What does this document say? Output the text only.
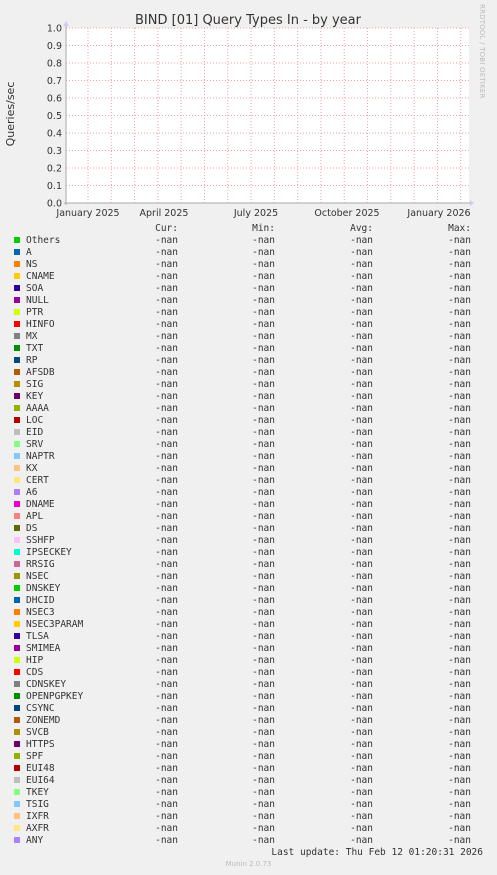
BIND [01] Query Types In - by year
Queries/sec
0.0
0.1
0.2
0.3
0.4
0.5
0.6
0.7
0.8
0.9
1.0
January 2025 April 2025	July 2025	October 2025	January 2026
RRDTOOL / TOBI OETIKER
Cur:	Min:	Avg:	Max:
Others	-nan	-nan	-nan	-nan
A	-nan	-nan	-nan	-nan
NS	-nan	-nan	-nan	-nan
CNAME	-nan	-nan	-nan	-nan
SOA	-nan	-nan	-nan	-nan
NULL	-nan	-nan	-nan	-nan
PTR	-nan	-nan	-nan	-nan
HINFO	-nan	-nan	-nan	-nan
MX	-nan	-nan	-nan	-nan
TXT	-nan	-nan	-nan	-nan
RP	-nan	-nan	-nan	-nan
AFSDB	-nan	-nan	-nan	-nan
SIG	-nan	-nan	-nan	-nan
KEY	-nan	-nan	-nan	-nan
AAAA	-nan	-nan	-nan	-nan
LOC	-nan	-nan	-nan	-nan
EID	-nan	-nan	-nan	-nan
SRV	-nan	-nan	-nan	-nan
NAPTR	-nan	-nan	-nan	-nan
KX	-nan	-nan	-nan	-nan
CERT	-nan	-nan	-nan	-nan
A6	-nan	-nan	-nan	-nan
DNAME	-nan	-nan	-nan	-nan
APL	-nan	-nan	-nan	-nan
DS	-nan	-nan	-nan	-nan
SSHFP	-nan	-nan	-nan	-nan
IPSECKEY	-nan	-nan	-nan	-nan
RRSIG	-nan	-nan	-nan	-nan
NSEC	-nan	-nan	-nan	-nan
DNSKEY	-nan	-nan	-nan	-nan
DHCID	-nan	-nan	-nan	-nan
NSEC3	-nan	-nan	-nan	-nan
NSEC3PARAM	-nan	-nan	-nan	-nan
TLSA	-nan	-nan	-nan	-nan
SMIMEA	-nan	-nan	-nan	-nan
HIP	-nan	-nan	-nan	-nan
CDS	-nan	-nan	-nan	-nan
CDNSKEY	-nan	-nan	-nan	-nan
OPENPGPKEY	-nan	-nan	-nan	-nan
CSYNC	-nan	-nan	-nan	-nan
ZONEMD	-nan	-nan	-nan	-nan
SVCB	-nan	-nan	-nan	-nan
HTTPS	-nan	-nan	-nan	-nan
SPF	-nan	-nan	-nan	-nan
EUI48	-nan	-nan	-nan	-nan
EUI64	-nan	-nan	-nan	-nan
TKEY	-nan	-nan	-nan	-nan
TSIG	-nan	-nan	-nan	-nan
IXFR	-nan	-nan	-nan	-nan
AXFR	-nan	-nan	-nan	-nan
ANY	-nan	-nan	-nan	-nan
Last update: Thu Feb 12 01:20:31 2026
Munin 2.0.73
